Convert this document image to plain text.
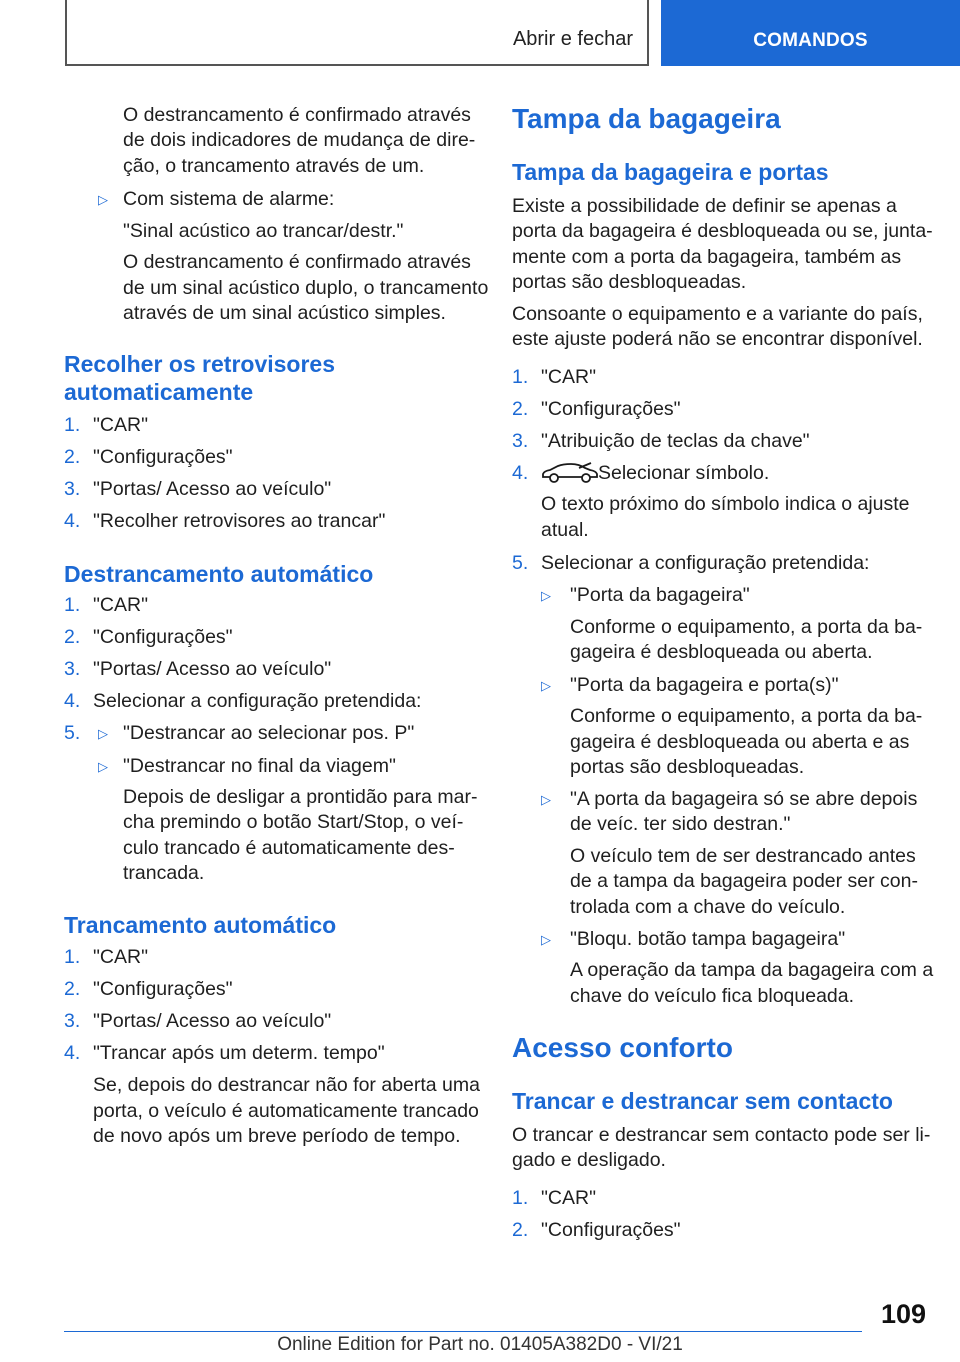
Abrir e fechar	COMANDOS
O destrancamento é confirmado através
de dois indicadores de mudança de dire‐
ção, o trancamento através de um.
▷ Com sistema de alarme:
"Sinal acústico ao trancar/destr."
O destrancamento é confirmado através
de um sinal acústico duplo, o trancamento
através de um sinal acústico simples.
Recolher os retrovisores
automaticamente
1. "CAR"
2. "Configurações"
3. "Portas/ Acesso ao veículo"
4. "Recolher retrovisores ao trancar"
Destrancamento automático
1. "CAR"
2. "Configurações"
3. "Portas/ Acesso ao veículo"
4. Selecionar a configuração pretendida:
5. ▷ "Destrancar ao selecionar pos. P"
▷ "Destrancar no final da viagem"
Depois de desligar a prontidão para mar‐
cha premindo o botão Start/Stop, o veí‐
culo trancado é automaticamente des‐
trancada.
Trancamento automático
1. "CAR"
2. "Configurações"
3. "Portas/ Acesso ao veículo"
4. "Trancar após um determ. tempo"
Se, depois do destrancar não for aberta uma
porta, o veículo é automaticamente trancado
de novo após um breve período de tempo.
Tampa da bagageira
Tampa da bagageira e portas
Existe a possibilidade de definir se apenas a
porta da bagageira é desbloqueada ou se, junta‐
mente com a porta da bagageira, também as
portas são desbloqueadas.
Consoante o equipamento e a variante do país,
este ajuste poderá não se encontrar disponível.
1. "CAR"
2. "Configurações"
3. "Atribuição de teclas da chave"
4.	Selecionar símbolo.
O texto próximo do símbolo indica o ajuste
atual.
5. Selecionar a configuração pretendida:
▷ "Porta da bagageira"
Conforme o equipamento, a porta da ba‐
gageira é desbloqueada ou aberta.
▷ "Porta da bagageira e porta(s)"
Conforme o equipamento, a porta da ba‐
gageira é desbloqueada ou aberta e as
portas são desbloqueadas.
▷ "A porta da bagageira só se abre depois
de veíc. ter sido destran."
O veículo tem de ser destrancado antes
de a tampa da bagageira poder ser con‐
trolada com a chave do veículo.
▷ "Bloqu. botão tampa bagageira"
A operação da tampa da bagageira com a
chave do veículo fica bloqueada.
Acesso conforto
Trancar e destrancar sem contacto
O trancar e destrancar sem contacto pode ser li‐
gado e desligado.
1. "CAR"
2. "Configurações"
109
Online Edition for Part no. 01405A382D0 - VI/21
